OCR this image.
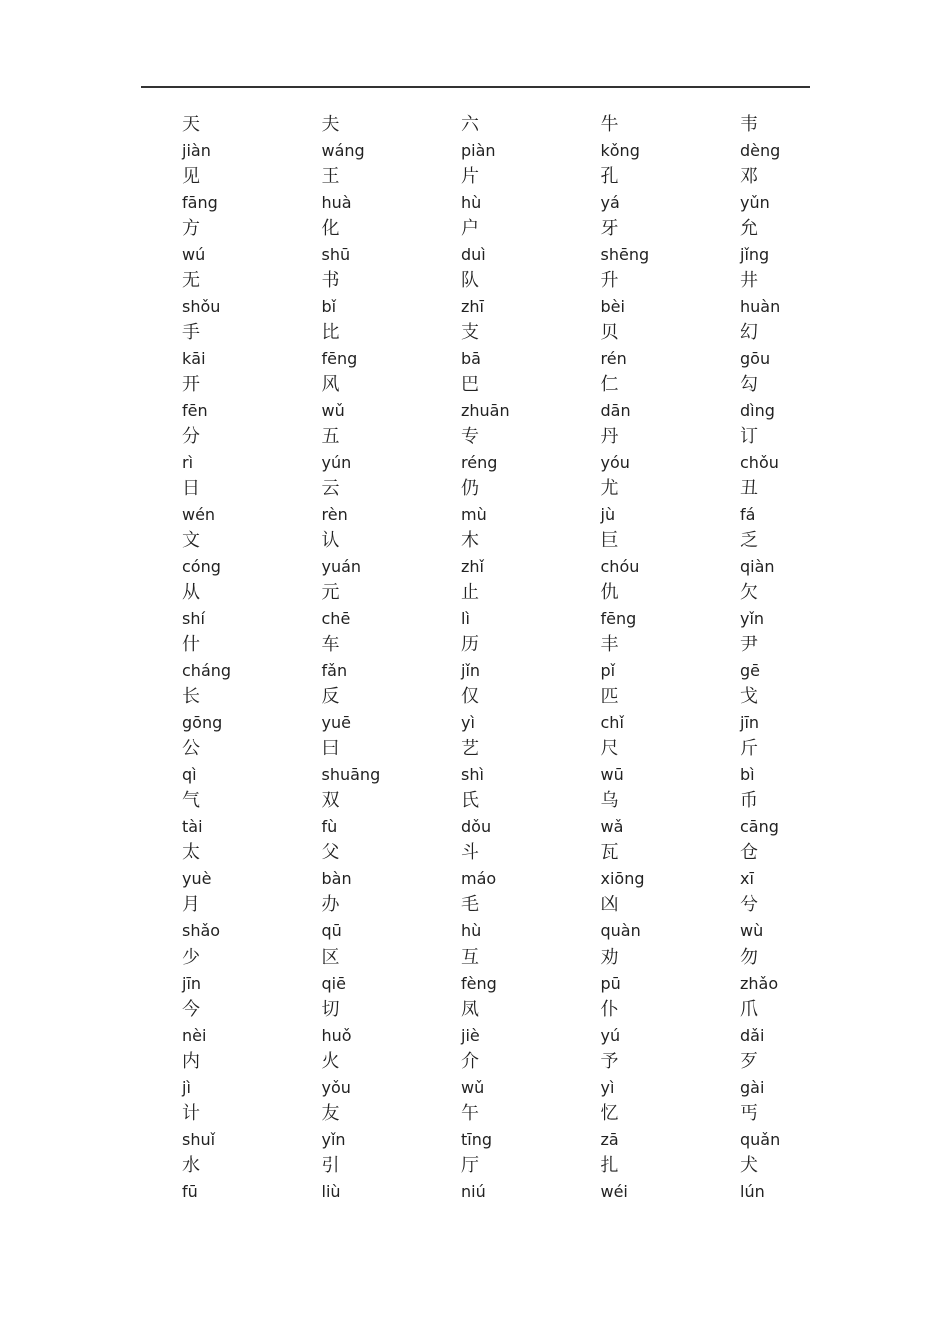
天	夫	六	牛	韦
jiàn	wáng	piàn	kǒng	dèng
见	王	片	孔	邓
fāng	huà	hù	yá	yǔn
方	化	户	牙	允
wú	shū	duì	shēng	jǐng
无	书	队	升	井
shǒu	bǐ	zhī	bèi	huàn
手	比	支	贝	幻
kāi	fēng	bā	rén	gōu
开	风	巴	仁	勾
fēn	wǔ	zhuān	dān	dìng
分	五	专	丹	订
rì	yún	réng	yóu	chǒu
日	云	仍	尤	丑
wén	rèn	mù	jù	fá
文	认	木	巨	乏
cóng	yuán	zhǐ	chóu	qiàn
从	元	止	仇	欠
shí	chē	lì	fēng	yǐn
什	车	历	丰	尹
cháng	fǎn	jǐn	pǐ	gē
长	反	仅	匹	戈
gōng	yuē	yì	chǐ	jīn
公	曰	艺	尺	斤
qì	shuāng	shì	wū	bì
气	双	氏	乌	币
tài	fù	dǒu	wǎ	cāng
太	父	斗	瓦	仓
yuè	bàn	máo	xiōng	xī
月	办	毛	凶	兮
shǎo	qū	hù	quàn	wù
少	区	互	劝	勿
jīn	qiē	fèng	pū	zhǎo
今	切	凤	仆	爪
nèi	huǒ	jiè	yú	dǎi
内	火	介	予	歹
jì	yǒu	wǔ	yì	gài
计	友	午	忆	丐
shuǐ	yǐn	tīng	zā	quǎn
水	引	厅	扎	犬
fū	liù	niú	wéi	lún
